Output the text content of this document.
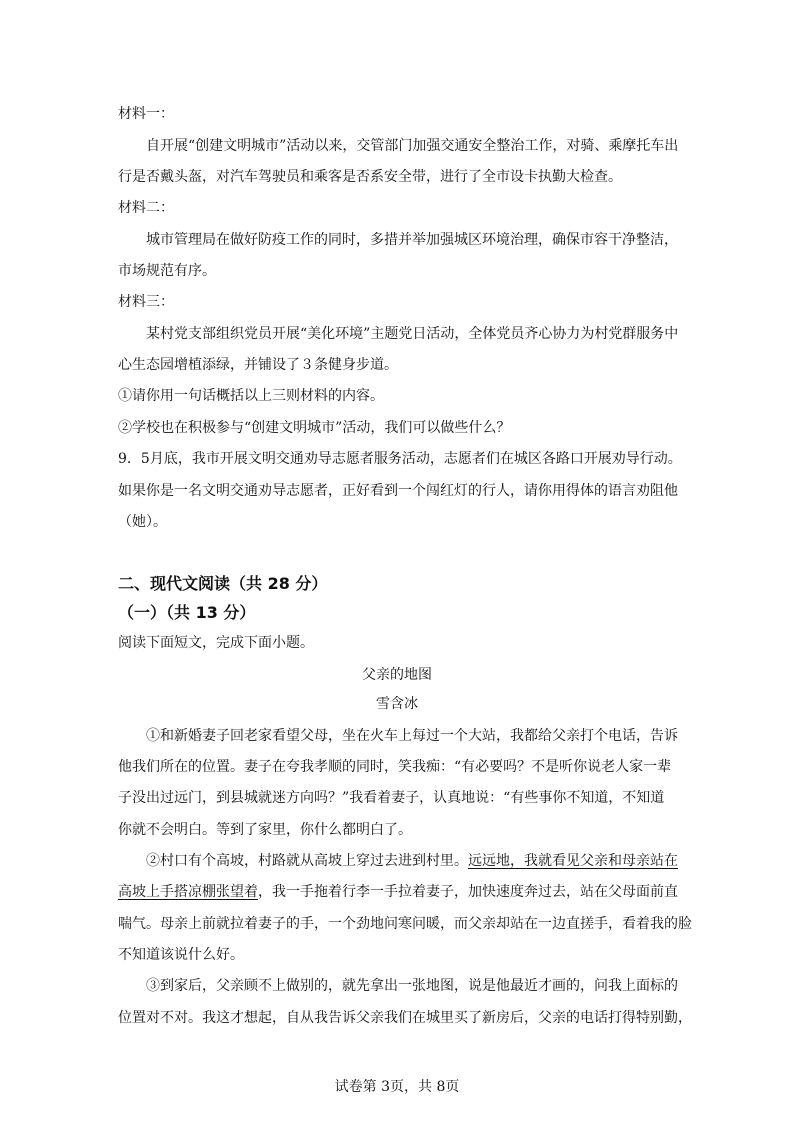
材料一：
自开展“创建文明城市”活动以来，交管部门加强交通安全整治工作，对骑、乘摩托车出
行是否戴头盔，对汽车驾驶员和乘客是否系安全带，进行了全市设卡执勤大检查。
材料二：
城市管理局在做好防疫工作的同时，多措并举加强城区环境治理，确保市容干净整洁，
市场规范有序。
材料三：
某村党支部组织党员开展“美化环境”主题党日活动，全体党员齐心协力为村党群服务中
心生态园增植添绿，并铺设了３条健身步道。
①请你用一句话概括以上三则材料的内容。
②学校也在积极参与“创建文明城市”活动，我们可以做些什么？
9．5月底，我市开展文明交通劝导志愿者服务活动，志愿者们在城区各路口开展劝导行动。
如果你是一名文明交通劝导志愿者，正好看到一个闯红灯的行人，请你用得体的语言劝阻他
（她）。
二、现代文阅读（共 28 分）
（一）（共 13 分）
阅读下面短文，完成下面小题。
父亲的地图
雪含冰
①和新婚妻子回老家看望父母，坐在火车上每过一个大站，我都给父亲打个电话，告诉
他我们所在的位置。妻子在夸我孝顺的同时，笑我痴：“有必要吗？不是听你说老人家一辈
子没出过远门，到县城就迷方向吗？”我看着妻子，认真地说：“有些事你不知道，不知道
你就不会明白。等到了家里，你什么都明白了。
②村口有个高坡，村路就从高坡上穿过去进到村里。远远地，我就看见父亲和母亲站在
高坡上手搭凉棚张望着，我一手拖着行李一手拉着妻子，加快速度奔过去，站在父母面前直
喘气。母亲上前就拉着妻子的手，一个劲地问寒问暖，而父亲却站在一边直搓手，看着我的脸
不知道该说什么好。
③到家后，父亲顾不上做别的，就先拿出一张地图，说是他最近才画的，问我上面标的
位置对不对。我这才想起，自从我告诉父亲我们在城里买了新房后，父亲的电话打得特别勤，
试卷第 3页，共 8页
